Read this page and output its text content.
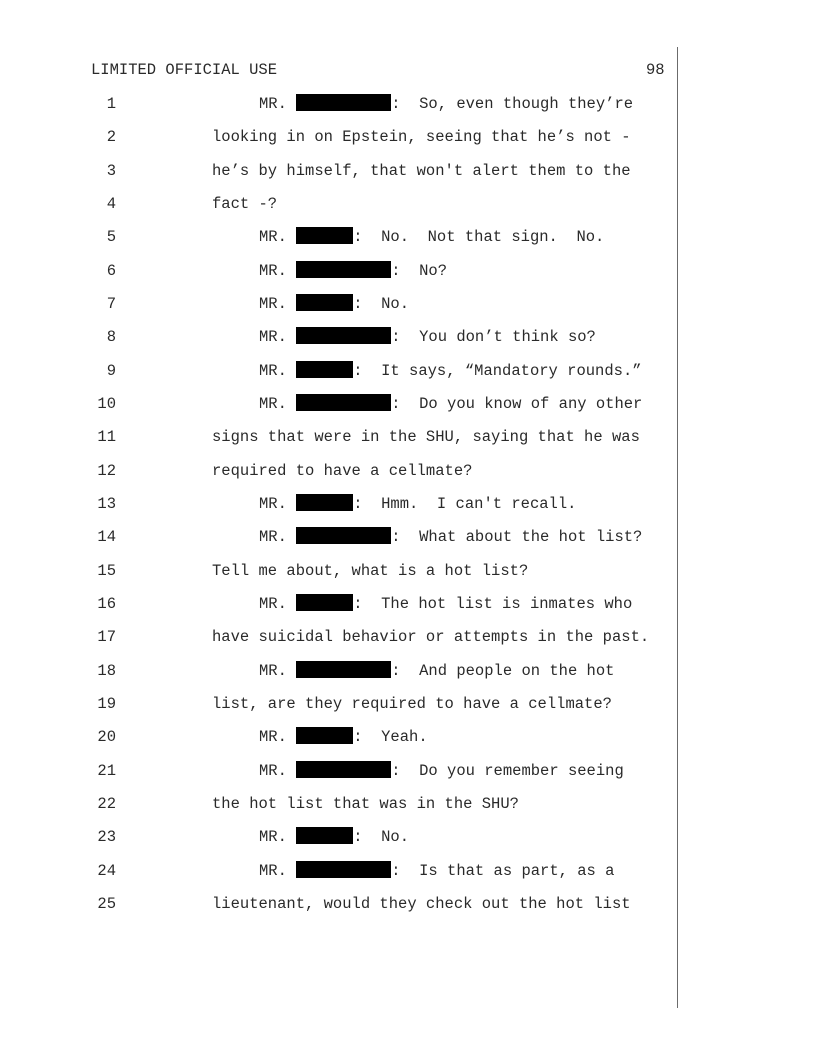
LIMITED OFFICIAL USE	98
1	MR.	:  So, even though they’re
2	looking in on Epstein, seeing that he’s not -
3	he’s by himself, that won't alert them to the
4	fact -?
5	MR.	:  No.  Not that sign.  No.
6	MR.	:  No?
7	MR.	:  No.
8	MR.	:  You don’t think so?
9	MR.	:  It says, “Mandatory rounds.”
10	MR.	:  Do you know of any other
11	signs that were in the SHU, saying that he was
12	required to have a cellmate?
13	MR.	:  Hmm.  I can't recall.
14	MR.	:  What about the hot list?
15	Tell me about, what is a hot list?
16	MR.	:  The hot list is inmates who
17	have suicidal behavior or attempts in the past.
18	MR.	:  And people on the hot
19	list, are they required to have a cellmate?
20	MR.	:  Yeah.
21	MR.	:  Do you remember seeing
22	the hot list that was in the SHU?
23	MR.	:  No.
24	MR.	:  Is that as part, as a
25	lieutenant, would they check out the hot list
